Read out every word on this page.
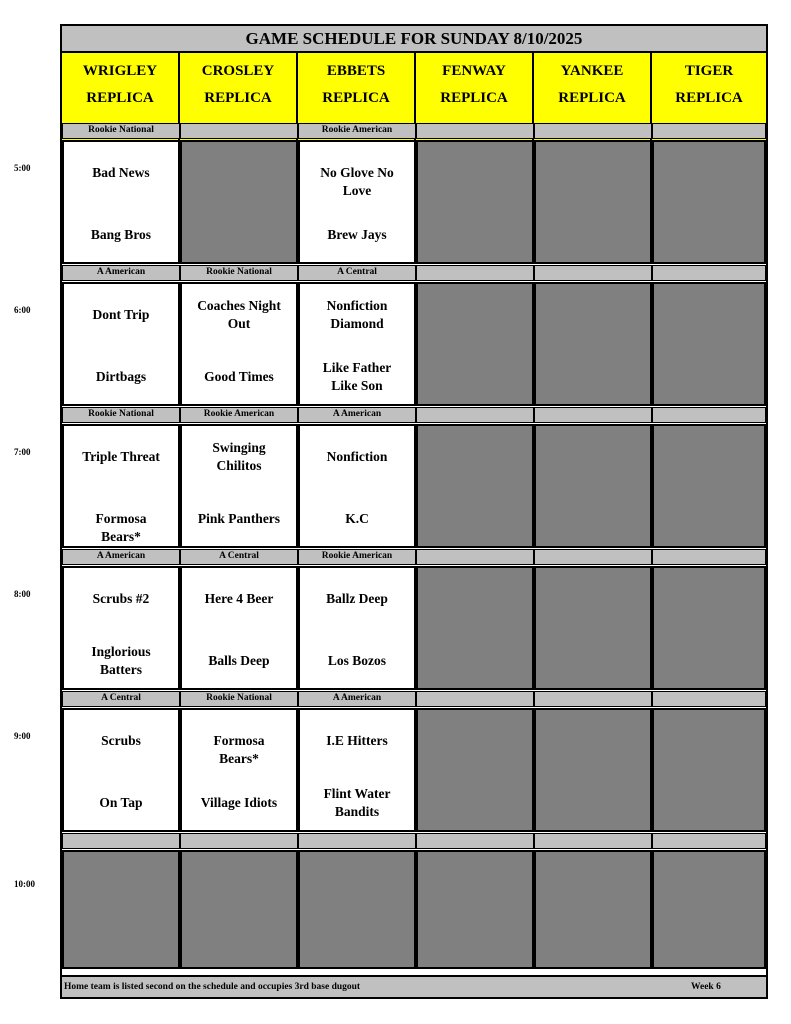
GAME SCHEDULE FOR SUNDAY 8/10/2025
WRIGLEY
REPLICA
CROSLEY
REPLICA
EBBETS
REPLICA
FENWAY
REPLICA
YANKEE
REPLICA
TIGER
REPLICA
Rookie National
Bad News
Bang Bros
Rookie American
No Glove No Love
Brew Jays
A American
Dont Trip
Dirtbags
Rookie National
Coaches Night Out
Good Times
A Central
Nonfiction Diamond
Like Father Like Son
Rookie National
Triple Threat
Formosa Bears*
Rookie American
Swinging Chilitos
Pink Panthers
A American
Nonfiction
K.C
A American
Scrubs #2
Inglorious Batters
A Central
Here 4 Beer
Balls Deep
Rookie American
Ballz Deep
Los Bozos
A Central
Scrubs
On Tap
Rookie National
Formosa Bears*
Village Idiots
A American
I.E Hitters
Flint Water Bandits
Home team is listed second on the schedule and occupies 3rd base dugout	Week 6
5:00
6:00
7:00
8:00
9:00
10:00
